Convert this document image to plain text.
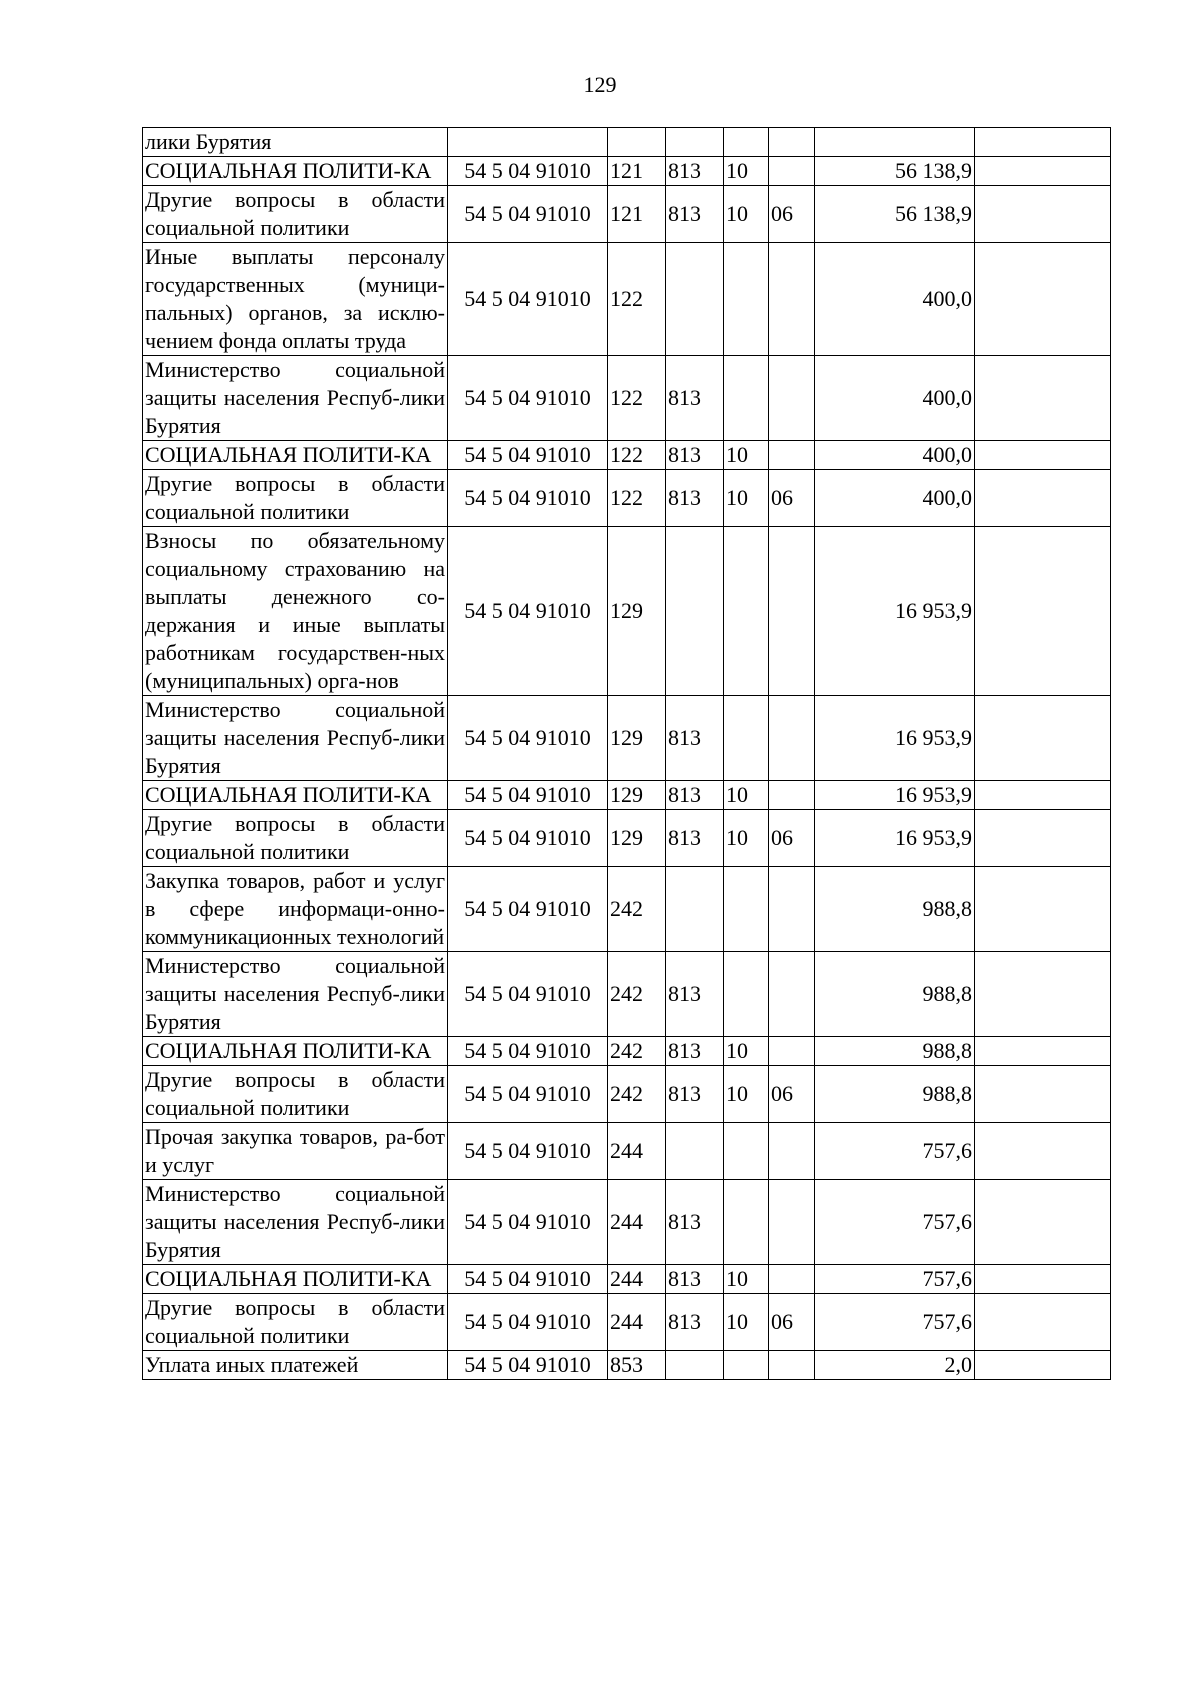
129
лики Бурятия							
СОЦИАЛЬНАЯ ПОЛИТИ-КА	54 5 04 91010	121	813	10		56 138,9	
Другие вопросы в области социальной политики	54 5 04 91010	121	813	10	06	56 138,9	
Иные выплаты персоналу государственных (муници-пальных) органов, за исклю-чением фонда оплаты труда	54 5 04 91010	122				400,0	
Министерство социальной защиты населения Респуб-лики Бурятия	54 5 04 91010	122	813			400,0	
СОЦИАЛЬНАЯ ПОЛИТИ-КА	54 5 04 91010	122	813	10		400,0	
Другие вопросы в области социальной политики	54 5 04 91010	122	813	10	06	400,0	
Взносы по обязательному социальному страхованию на выплаты денежного со-держания и иные выплаты работникам государствен-ных (муниципальных) орга-нов	54 5 04 91010	129				16 953,9	
Министерство социальной защиты населения Респуб-лики Бурятия	54 5 04 91010	129	813			16 953,9	
СОЦИАЛЬНАЯ ПОЛИТИ-КА	54 5 04 91010	129	813	10		16 953,9	
Другие вопросы в области социальной политики	54 5 04 91010	129	813	10	06	16 953,9	
Закупка товаров, работ и услуг в сфере информаци-онно-коммуникационных технологий	54 5 04 91010	242				988,8	
Министерство социальной защиты населения Респуб-лики Бурятия	54 5 04 91010	242	813			988,8	
СОЦИАЛЬНАЯ ПОЛИТИ-КА	54 5 04 91010	242	813	10		988,8	
Другие вопросы в области социальной политики	54 5 04 91010	242	813	10	06	988,8	
Прочая закупка товаров, ра-бот и услуг	54 5 04 91010	244				757,6	
Министерство социальной защиты населения Респуб-лики Бурятия	54 5 04 91010	244	813			757,6	
СОЦИАЛЬНАЯ ПОЛИТИ-КА	54 5 04 91010	244	813	10		757,6	
Другие вопросы в области социальной политики	54 5 04 91010	244	813	10	06	757,6	
Уплата иных платежей	54 5 04 91010	853				2,0	
